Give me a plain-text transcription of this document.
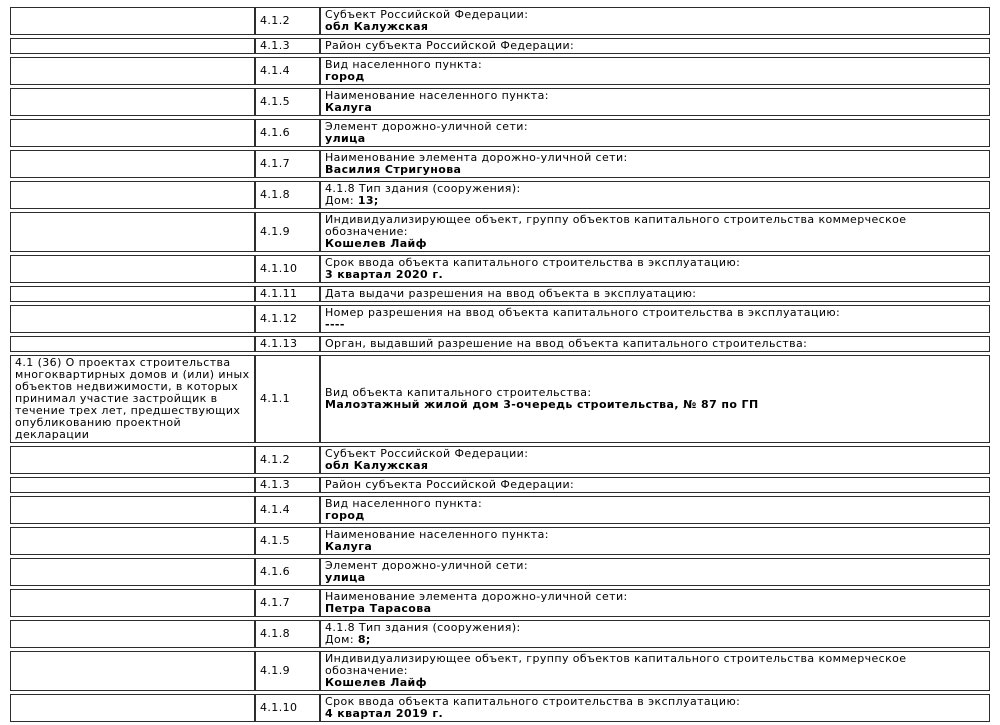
	4.1.2	Субъект Российской Федерации:
обл Калужская

	4.1.3	Район субъекта Российской Федерации:

	4.1.4	Вид населенного пункта:
город

	4.1.5	Наименование населенного пункта:
Калуга

	4.1.6	Элемент дорожно-уличной сети:
улица

	4.1.7	Наименование элемента дорожно-уличной сети:
Василия Стригунова

	4.1.8	4.1.8 Тип здания (сооружения):
Дом: 13;

	4.1.9	Индивидуализирующее объект, группу объектов капитального строительства коммерческое обозначение:
Кошелев Лайф

	4.1.10	Срок ввода объекта капитального строительства в эксплуатацию:
3 квартал 2020 г.

	4.1.11	Дата выдачи разрешения на ввод объекта в эксплуатацию:

	4.1.12	Номер разрешения на ввод объекта капитального строительства в эксплуатацию:
----

	4.1.13	Орган, выдавший разрешение на ввод объекта капитального строительства:

4.1 (36) О проектах строительства многоквартирных домов и (или) иных объектов недвижимости, в которых принимал участие застройщик в течение трех лет, предшествующих опубликованию проектной декларации	4.1.1	Вид объекта капитального строительства:
Малоэтажный жилой дом 3-очередь строительства, № 87 по ГП

	4.1.2	Субъект Российской Федерации:
обл Калужская

	4.1.3	Район субъекта Российской Федерации:

	4.1.4	Вид населенного пункта:
город

	4.1.5	Наименование населенного пункта:
Калуга

	4.1.6	Элемент дорожно-уличной сети:
улица

	4.1.7	Наименование элемента дорожно-уличной сети:
Петра Тарасова

	4.1.8	4.1.8 Тип здания (сооружения):
Дом: 8;

	4.1.9	Индивидуализирующее объект, группу объектов капитального строительства коммерческое обозначение:
Кошелев Лайф

	4.1.10	Срок ввода объекта капитального строительства в эксплуатацию:
4 квартал 2019 г.
